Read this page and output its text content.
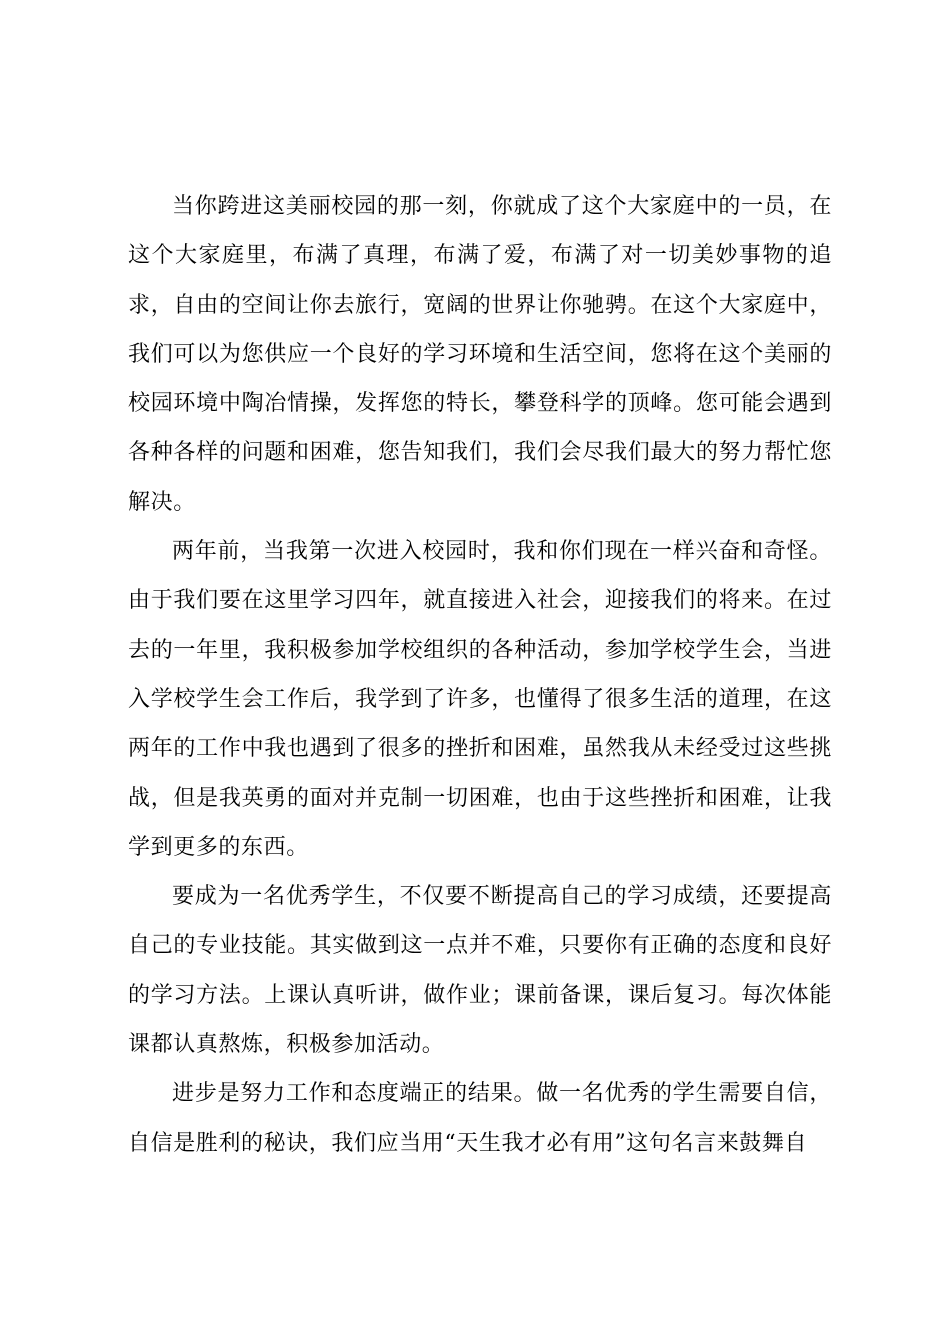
当你跨进这美丽校园的那一刻，你就成了这个大家庭中的一员，在这个大家庭里，布满了真理，布满了爱，布满了对一切美妙事物的追求，自由的空间让你去旅行，宽阔的世界让你驰骋。在这个大家庭中，我们可以为您供应一个良好的学习环境和生活空间，您将在这个美丽的校园环境中陶冶情操，发挥您的特长，攀登科学的顶峰。您可能会遇到各种各样的问题和困难，您告知我们，我们会尽我们最大的努力帮忙您解决。

两年前，当我第一次进入校园时，我和你们现在一样兴奋和奇怪。由于我们要在这里学习四年，就直接进入社会，迎接我们的将来。在过去的一年里，我积极参加学校组织的各种活动，参加学校学生会，当进入学校学生会工作后，我学到了许多，也懂得了很多生活的道理，在这两年的工作中我也遇到了很多的挫折和困难，虽然我从未经受过这些挑战，但是我英勇的面对并克制一切困难，也由于这些挫折和困难，让我学到更多的东西。

要成为一名优秀学生，不仅要不断提高自己的学习成绩，还要提高自己的专业技能。其实做到这一点并不难，只要你有正确的态度和良好的学习方法。上课认真听讲，做作业；课前备课，课后复习。每次体能课都认真熬炼，积极参加活动。

进步是努力工作和态度端正的结果。做一名优秀的学生需要自信，自信是胜利的秘诀，我们应当用“天生我才必有用”这句名言来鼓舞自
